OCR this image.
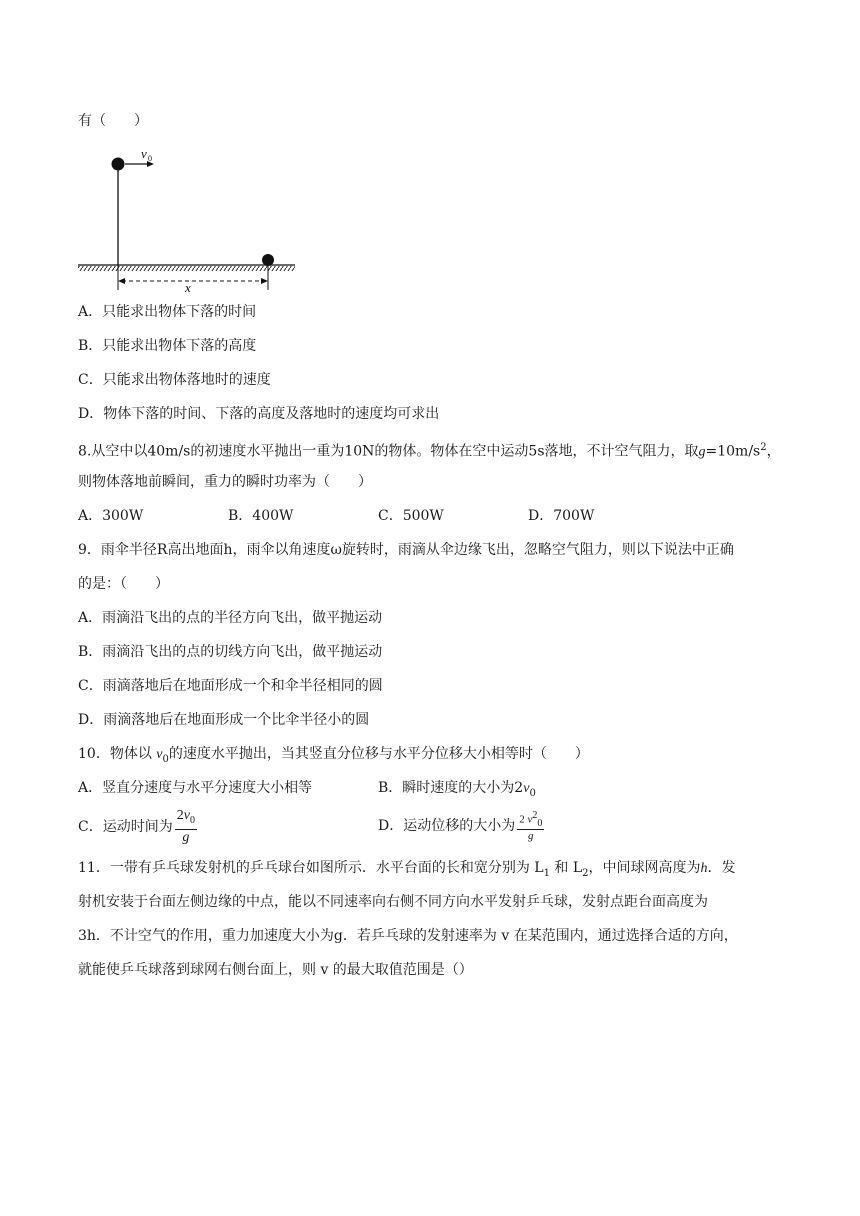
有（　　）
v 0
x
A．只能求出物体下落的时间
B．只能求出物体下落的高度
C．只能求出物体落地时的速度
D．物体下落的时间、下落的高度及落地时的速度均可求出
8.从空中以40m/s的初速度水平抛出一重为10N的物体。物体在空中运动5s落地，不计空气阻力，取$g=10m/s^2$，
则物体落地前瞬间，重力的瞬时功率为（　　）
A．300W	B．400W	C．500W	D．700W
9．雨伞半径R高出地面h，雨伞以角速度ω旋转时，雨滴从伞边缘飞出，忽略空气阻力，则以下说法中正确
的是：（　　）
A．雨滴沿飞出的点的半径方向飞出，做平抛运动
B．雨滴沿飞出的点的切线方向飞出，做平抛运动
C．雨滴落地后在地面形成一个和伞半径相同的圆
D．雨滴落地后在地面形成一个比伞半径小的圆
10．物体以 $v_0$的速度水平抛出，当其竖直分位移与水平分位移大小相等时（　　）
A．竖直分速度与水平分速度大小相等	B．瞬时速度的大小为$2v_0$
C．运动时间为 $\frac{2v_0}{g}$	D．运动位移的大小为 $\frac{2 v^2_0}{g}$
11．一带有乒乓球发射机的乒乓球台如图所示．水平台面的长和宽分别为 $L_1$ 和 $L_2$，中间球网高度为h．发
射机安装于台面左侧边缘的中点，能以不同速率向右侧不同方向水平发射乒乓球，发射点距台面高度为
3h．不计空气的作用，重力加速度大小为g．若乒乓球的发射速率为 v 在某范围内，通过选择合适的方向，
就能使乒乓球落到球网右侧台面上，则 v 的最大取值范围是（）
